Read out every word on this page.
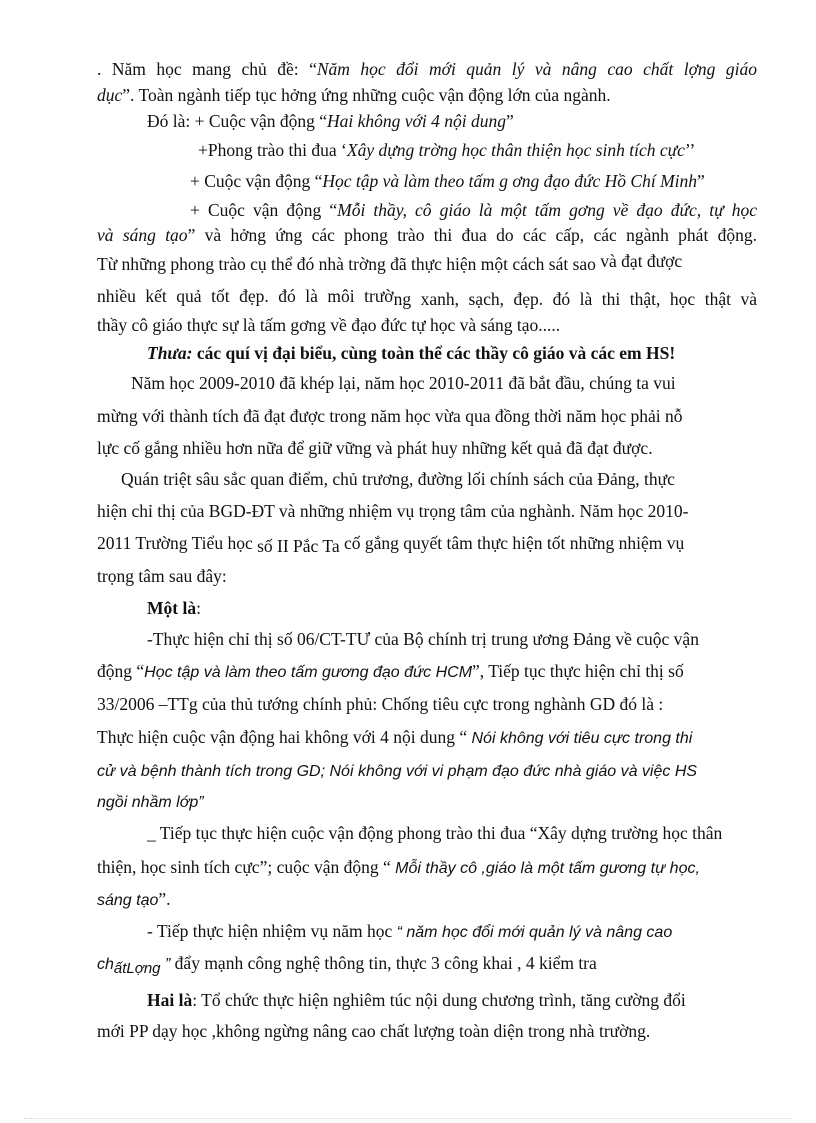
. Năm học mang chủ đề: “Năm học đổi mới quản lý và nâng cao chất lợng giáo
dục”. Toàn ngành tiếp tục hởng ứng những cuộc vận động lớn của ngành.
Đó là: + Cuộc vận động “Hai không với 4 nội dung”
+Phong trào thi đua ‘Xây dựng trờng học thân thiện học sinh tích cực’’
+ Cuộc vận động “Học tập và làm theo tấm g ơng đạo đức Hồ Chí Minh”
+ Cuộc vận động “Mỗi thầy, cô giáo là một tấm gơng về đạo đức, tự học
và sáng tạo” và hởng ứng các phong trào thi đua do các cấp, các ngành phát động.
Từ những phong trào cụ thể đó nhà trờng đã thực hiện một cách sát sao và đạt được
nhiều kết quả tốt đẹp. đó là môi trường xanh, sạch, đẹp. đó là thi thật, học thật và
thầy cô giáo thực sự là tấm gơng về đạo đức tự học và sáng tạo.....
Thưa: các quí vị đại biểu, cùng toàn thể các thầy cô giáo và các em HS!
Năm học 2009-2010 đã khép lại, năm học 2010-2011 đã bắt đầu, chúng ta vui
mừng với thành tích đã đạt được trong năm học vừa qua đồng thời năm học phải nỗ
lực cố gắng nhiều hơn nữa để giữ vững và phát huy những kết quả đã đạt được.
Quán triệt sâu sắc quan điểm, chủ trương, đường lối chính sách của Đảng, thực
hiện chỉ thị của BGD-ĐT và những nhiệm vụ trọng tâm của nghành. Năm học 2010-
2011 Trường Tiểu học số II Pắc Ta cố gắng quyết tâm thực hiện tốt những nhiệm vụ
trọng tâm sau đây:
Một là:
-Thực hiện chỉ thị số 06/CT-TƯ của Bộ chính trị trung ương Đảng về cuộc vận
động “Học tập và làm theo tấm gương đạo đức HCM”, Tiếp tục thực hiện chỉ thị số
33/2006 –TTg của thủ tướng chính phủ: Chống tiêu cực trong nghành GD đó là :
Thực hiện cuộc vận động hai không với 4 nội dung “ Nói không với tiêu cực trong thi
cử và bệnh thành tích trong GD; Nói không với vi phạm đạo đức nhà giáo và việc HS
ngồi nhầm lớp”
_ Tiếp tục thực hiện cuộc vận động phong trào thi đua “Xây dựng trường học thân
thiện, học sinh tích cực”; cuộc vận động “ Mỗi thầy cô ,giáo là một tấm gương tự học,
sáng tạo”.
- Tiếp thực hiện nhiệm vụ năm học “ năm học đổi mới quản lý và nâng cao
chấtLợng ” đẩy mạnh công nghệ thông tin, thực 3 công khai , 4 kiểm tra
Hai là: Tổ chức thực hiện nghiêm túc nội dung chương trình, tăng cường đổi
mới PP dạy học ,không ngừng nâng cao chất lượng toàn diện trong nhà trường.
